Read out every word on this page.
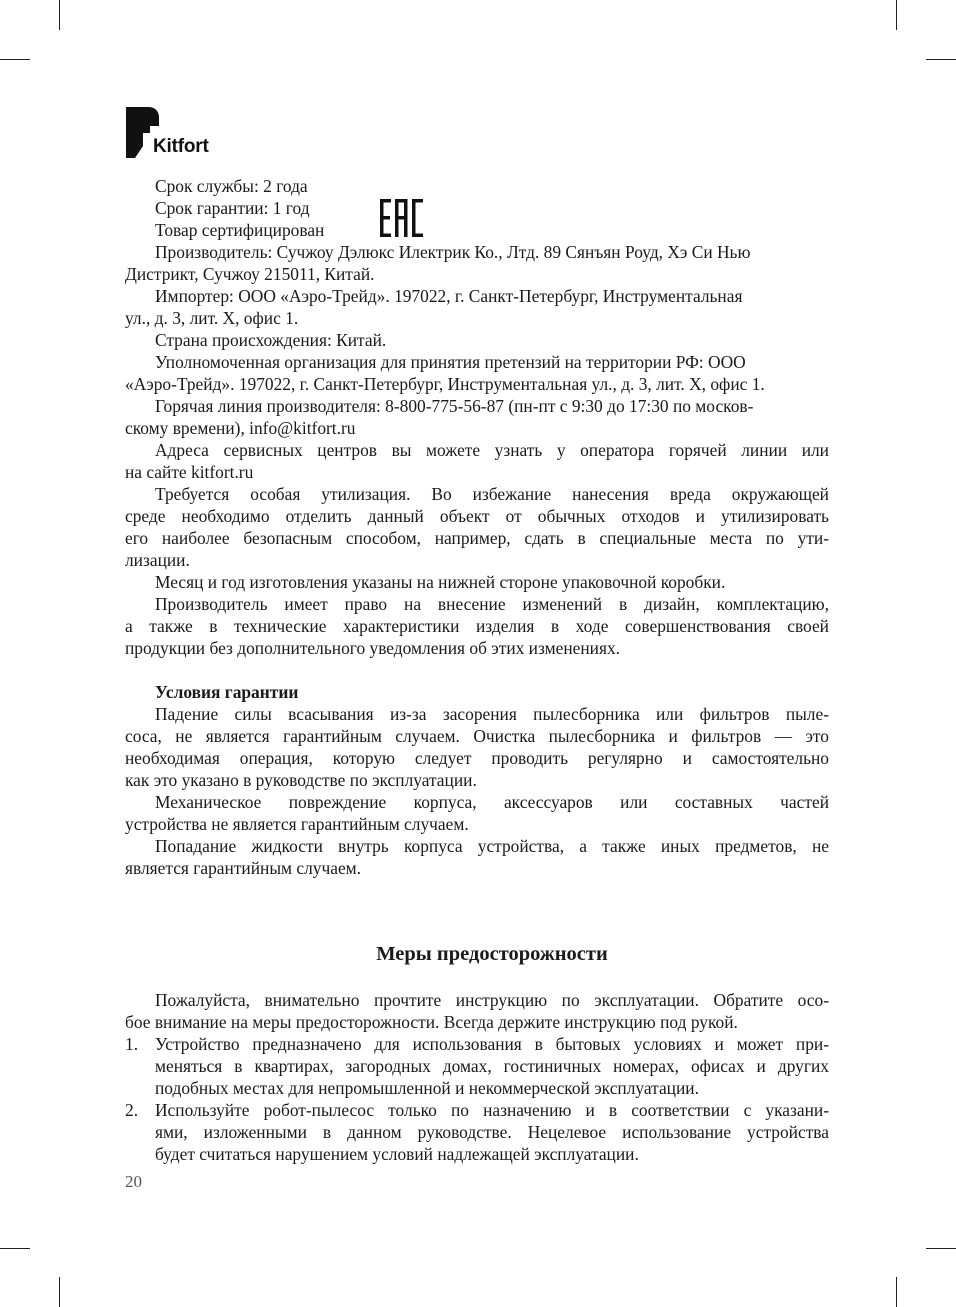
Kitfort
Срок службы: 2 года
Срок гарантии: 1 год
Товар сертифицирован
Производитель: Сучжоу Дэлюкс Илектрик Ко., Лтд. 89 Сянъян Роуд, Хэ Си Нью
Дистрикт, Сучжоу 215011, Китай.
Импортер: ООО «Аэро-Трейд». 197022, г. Санкт-Петербург, Инструментальная
ул., д. 3, лит. Х, офис 1.
Страна происхождения: Китай.
Уполномоченная организация для принятия претензий на территории РФ: ООО
«Аэро-Трейд». 197022, г. Санкт-Петербург, Инструментальная ул., д. 3, лит. Х, офис 1.
Горячая линия производителя: 8-800-775-56-87 (пн-пт с 9:30 до 17:30 по москов-
скому времени), info@kitfort.ru
Адреса сервисных центров вы можете узнать у оператора горячей линии или
на сайте kitfort.ru
Требуется особая утилизация. Во избежание нанесения вреда окружающей
среде необходимо отделить данный объект от обычных отходов и утилизировать
его наиболее безопасным способом, например, сдать в специальные места по ути-
лизации.
Месяц и год изготовления указаны на нижней стороне упаковочной коробки.
Производитель имеет право на внесение изменений в дизайн, комплектацию,
а также в технические характеристики изделия в ходе совершенствования своей
продукции без дополнительного уведомления об этих изменениях.
Условия гарантии
Падение силы всасывания из-за засорения пылесборника или фильтров пыле-
соса, не является гарантийным случаем. Очистка пылесборника и фильтров — это
необходимая операция, которую следует проводить регулярно и самостоятельно
как это указано в руководстве по эксплуатации.
Механическое повреждение корпуса, аксессуаров или составных частей
устройства не является гарантийным случаем.
Попадание жидкости внутрь корпуса устройства, а также иных предметов, не
является гарантийным случаем.
Меры предосторожности
Пожалуйста, внимательно прочтите инструкцию по эксплуатации. Обратите осо-
бое внимание на меры предосторожности. Всегда держите инструкцию под рукой.
1. Устройство предназначено для использования в бытовых условиях и может при-
меняться в квартирах, загородных домах, гостиничных номерах, офисах и других
подобных местах для непромышленной и некоммерческой эксплуатации.
2. Используйте робот-пылесос только по назначению и в соответствии с указани-
ями, изложенными в данном руководстве. Нецелевое использование устройства
будет считаться нарушением условий надлежащей эксплуатации.
20
